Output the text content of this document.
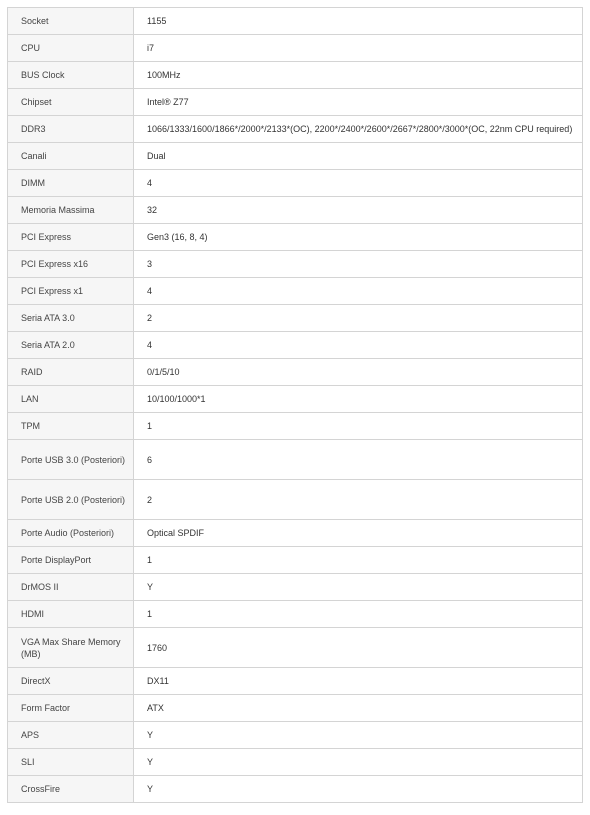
Socket	1155
CPU	i7
BUS Clock	100MHz
Chipset	Intel® Z77
DDR3	1066/1333/1600/1866*/2000*/2133*(OC), 2200*/2400*/2600*/2667*/2800*/3000*(OC, 22nm CPU required)
Canali	Dual
DIMM	4
Memoria Massima	32
PCI Express	Gen3 (16, 8, 4)
PCI Express x16	3
PCI Express x1	4
Seria ATA 3.0	2
Seria ATA 2.0	4
RAID	0/1/5/10
LAN	10/100/1000*1
TPM	1
Porte USB 3.0 (Posteriori)	6
Porte USB 2.0 (Posteriori)	2
Porte Audio (Posteriori)	Optical SPDIF
Porte DisplayPort	1
DrMOS II	Y
HDMI	1
VGA Max Share Memory (MB)	1760
DirectX	DX11
Form Factor	ATX
APS	Y
SLI	Y
CrossFire	Y
